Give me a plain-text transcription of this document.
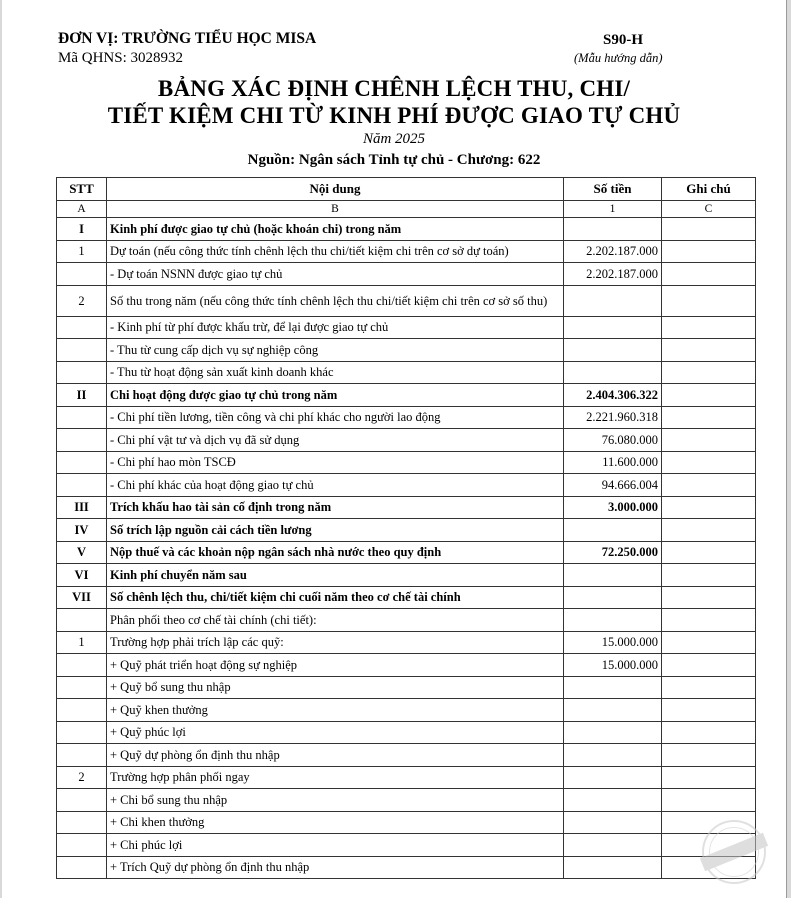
ĐƠN VỊ: TRƯỜNG TIỂU HỌC MISA
Mã QHNS: 3028932
S90-H
(Mẫu hướng dẫn)
BẢNG XÁC ĐỊNH CHÊNH LỆCH THU, CHI/
TIẾT KIỆM CHI TỪ KINH PHÍ ĐƯỢC GIAO TỰ CHỦ
Năm 2025
Nguồn: Ngân sách Tỉnh tự chủ - Chương: 622
STT	Nội dung	Số tiền	Ghi chú
A	B	1	C
I	Kinh phí được giao tự chủ (hoặc khoán chi) trong năm		
1	Dự toán (nếu công thức tính chênh lệch thu chi/tiết kiệm chi trên cơ sở dự toán)	2.202.187.000	
	- Dự toán NSNN được giao tự chủ	2.202.187.000	
2	Số thu trong năm (nếu công thức tính chênh lệch thu chi/tiết kiệm chi trên cơ sở số thu)		
	- Kinh phí từ phí được khấu trừ, để lại được giao tự chủ		
	- Thu từ cung cấp dịch vụ sự nghiệp công		
	- Thu từ hoạt động sản xuất kinh doanh khác		
II	Chi hoạt động được giao tự chủ trong năm	2.404.306.322	
	- Chi phí tiền lương, tiền công và chi phí khác cho người lao động	2.221.960.318	
	- Chi phí vật tư và dịch vụ đã sử dụng	76.080.000	
	- Chi phí hao mòn TSCĐ	11.600.000	
	- Chi phí khác của hoạt động giao tự chủ	94.666.004	
III	Trích khấu hao tài sản cố định trong năm	3.000.000	
IV	Số trích lập nguồn cải cách tiền lương		
V	Nộp thuế và các khoản nộp ngân sách nhà nước theo quy định	72.250.000	
VI	Kinh phí chuyển năm sau		
VII	Số chênh lệch thu, chi/tiết kiệm chi cuối năm theo cơ chế tài chính		
	Phân phối theo cơ chế tài chính (chi tiết):		
1	Trường hợp phải trích lập các quỹ:	15.000.000	
	+ Quỹ phát triển hoạt động sự nghiệp	15.000.000	
	+ Quỹ bổ sung thu nhập		
	+ Quỹ khen thưởng		
	+ Quỹ phúc lợi		
	+ Quỹ dự phòng ổn định thu nhập		
2	Trường hợp phân phối ngay		
	+ Chi bổ sung thu nhập		
	+ Chi khen thưởng		
	+ Chi phúc lợi		
	+ Trích Quỹ dự phòng ổn định thu nhập		
